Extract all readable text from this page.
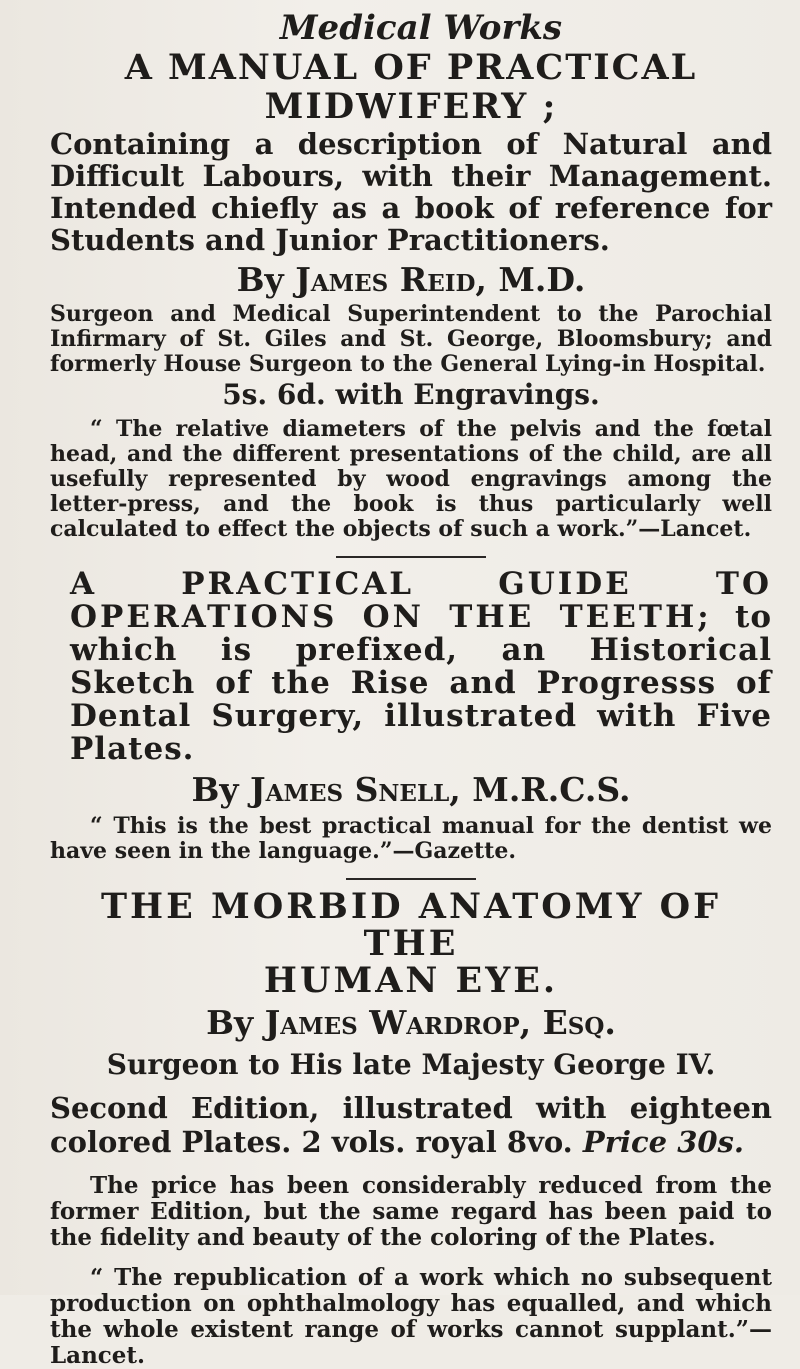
Medical Works
A MANUAL OF PRACTICAL
MIDWIFERY ;

Containing a description of Natural and Difficult Labours, with their Management. Intended chiefly as a book of reference for Students and Junior Practitioners.

By James Reid, M.D.

Surgeon and Medical Superintendent to the Parochial Infirmary of St. Giles and St. George, Bloomsbury; and formerly House Surgeon to the General Lying-in Hospital.

5s. 6d. with Engravings.

“ The relative diameters of the pelvis and the fœtal head, and the different presentations of the child, are all usefully represented by wood engravings among the letter-press, and the book is thus particularly well calculated to effect the objects of such a work.”—Lancet.

A PRACTICAL GUIDE TO OPERATIONS ON THE TEETH; to which is prefixed, an Historical Sketch of the Rise and Progresss of Dental Surgery, illustrated with Five Plates.

By James Snell, M.R.C.S.

“ This is the best practical manual for the dentist we have seen in the language.”—Gazette.

THE MORBID ANATOMY OF THE
HUMAN EYE.

By James Wardrop, Esq.

Surgeon to His late Majesty George IV.

Second Edition, illustrated with eighteen colored Plates. 2 vols. royal 8vo. Price 30s.

The price has been considerably reduced from the former Edition, but the same regard has been paid to the fidelity and beauty of the coloring of the Plates.

“ The republication of a work which no subsequent production on ophthalmology has equalled, and which the whole existent range of works cannot supplant.”—Lancet.
